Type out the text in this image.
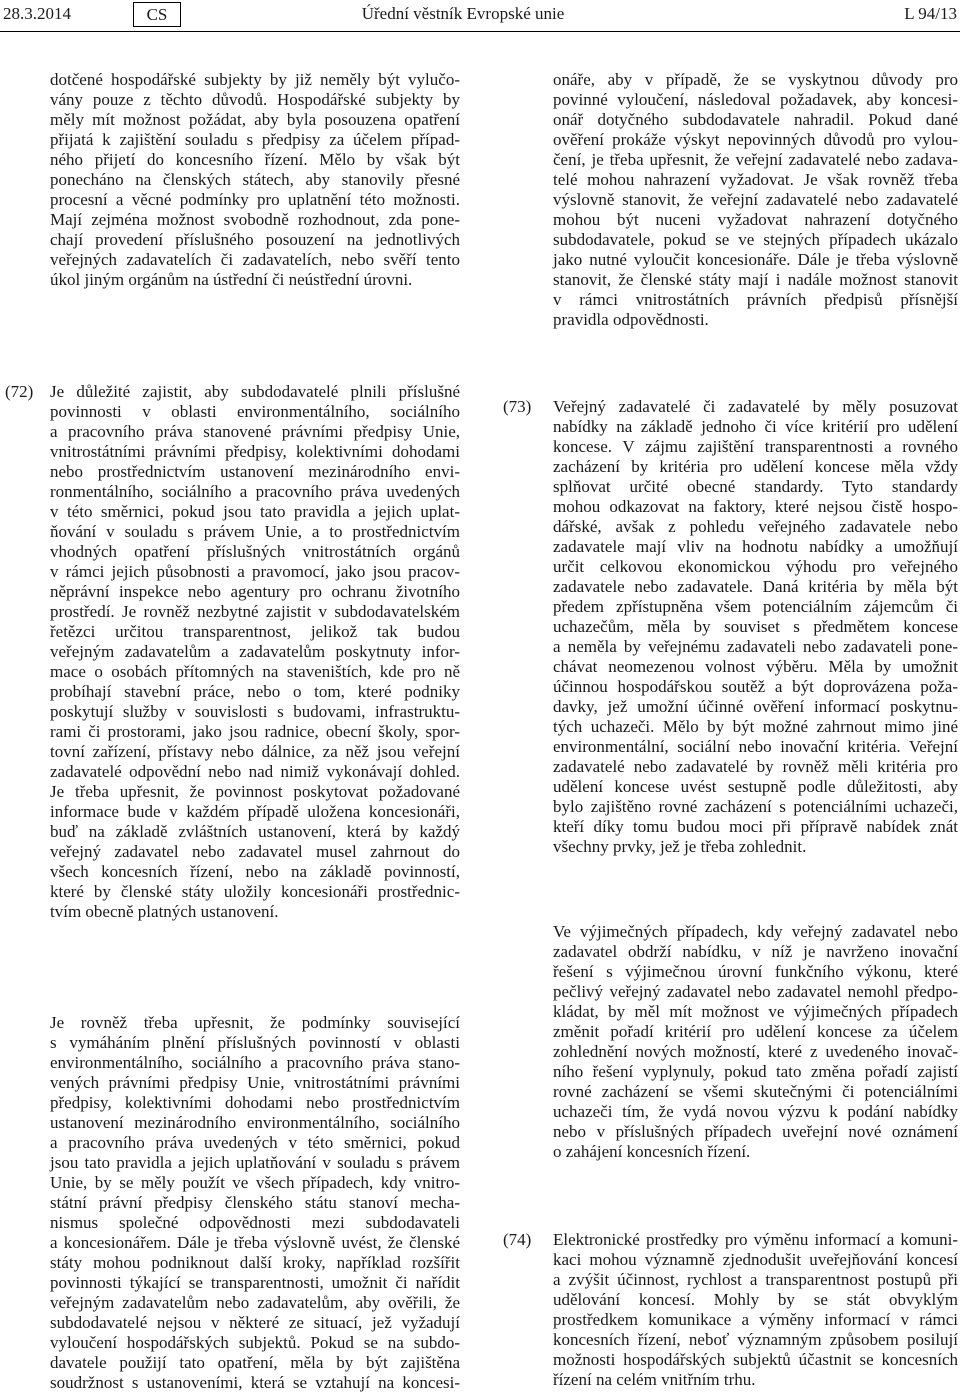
28.3.2014	CS	Úřední věstník Evropské unie	L 94/13
dotčené hospodářské subjekty by již neměly být vylučo-
vány pouze z těchto důvodů. Hospodářské subjekty by
měly mít možnost požádat, aby byla posouzena opatření
přijatá k zajištění souladu s předpisy za účelem případ-
ného přijetí do koncesního řízení. Mělo by však být
ponecháno na členských státech, aby stanovily přesné
procesní a věcné podmínky pro uplatnění této možnosti.
Mají zejména možnost svobodně rozhodnout, zda pone-
chají provedení příslušného posouzení na jednotlivých
veřejných zadavatelích či zadavatelích, nebo svěří tento
úkol jiným orgánům na ústřední či neústřední úrovni.
(72) Je důležité zajistit, aby subdodavatelé plnili příslušné
povinnosti v oblasti environmentálního, sociálního
a pracovního práva stanovené právními předpisy Unie,
vnitrostátními právními předpisy, kolektivními dohodami
nebo prostřednictvím ustanovení mezinárodního envi-
ronmentálního, sociálního a pracovního práva uvedených
v této směrnici, pokud jsou tato pravidla a jejich uplat-
ňování v souladu s právem Unie, a to prostřednictvím
vhodných opatření příslušných vnitrostátních orgánů
v rámci jejich působnosti a pravomocí, jako jsou pracov-
něprávní inspekce nebo agentury pro ochranu životního
prostředí. Je rovněž nezbytné zajistit v subdodavatelském
řetězci určitou transparentnost, jelikož tak budou
veřejným zadavatelům a zadavatelům poskytnuty infor-
mace o osobách přítomných na staveništích, kde pro ně
probíhají stavební práce, nebo o tom, které podniky
poskytují služby v souvislosti s budovami, infrastruktu-
rami či prostorami, jako jsou radnice, obecní školy, spor-
tovní zařízení, přístavy nebo dálnice, za něž jsou veřejní
zadavatelé odpovědní nebo nad nimiž vykonávají dohled.
Je třeba upřesnit, že povinnost poskytovat požadované
informace bude v každém případě uložena koncesionáři,
buď na základě zvláštních ustanovení, která by každý
veřejný zadavatel nebo zadavatel musel zahrnout do
všech koncesních řízení, nebo na základě povinností,
které by členské státy uložily koncesionáři prostřednic-
tvím obecně platných ustanovení.
Je rovněž třeba upřesnit, že podmínky související
s vymáháním plnění příslušných povinností v oblasti
environmentálního, sociálního a pracovního práva stano-
vených právními předpisy Unie, vnitrostátními právními
předpisy, kolektivními dohodami nebo prostřednictvím
ustanovení mezinárodního environmentálního, sociálního
a pracovního práva uvedených v této směrnici, pokud
jsou tato pravidla a jejich uplatňování v souladu s právem
Unie, by se měly použít ve všech případech, kdy vnitro-
státní právní předpisy členského státu stanoví mecha-
nismus společné odpovědnosti mezi subdodavateli
a koncesionářem. Dále je třeba výslovně uvést, že členské
státy mohou podniknout další kroky, například rozšířit
povinnosti týkající se transparentnosti, umožnit či nařídit
veřejným zadavatelům nebo zadavatelům, aby ověřili, že
subdodavatelé nejsou v některé ze situací, jež vyžadují
vyloučení hospodářských subjektů. Pokud se na subdo-
davatele použijí tato opatření, měla by být zajištěna
soudržnost s ustanoveními, která se vztahují na koncesi-
onáře, aby v případě, že se vyskytnou důvody pro
povinné vyloučení, následoval požadavek, aby koncesi-
onář dotyčného subdodavatele nahradil. Pokud dané
ověření prokáže výskyt nepovinných důvodů pro vylou-
čení, je třeba upřesnit, že veřejní zadavatelé nebo zadava-
telé mohou nahrazení vyžadovat. Je však rovněž třeba
výslovně stanovit, že veřejní zadavatelé nebo zadavatelé
mohou být nuceni vyžadovat nahrazení dotyčného
subdodavatele, pokud se ve stejných případech ukázalo
jako nutné vyloučit koncesionáře. Dále je třeba výslovně
stanovit, že členské státy mají i nadále možnost stanovit
v rámci vnitrostátních právních předpisů přísnější
pravidla odpovědnosti.
(73) Veřejný zadavatelé či zadavatelé by měly posuzovat
nabídky na základě jednoho či více kritérií pro udělení
koncese. V zájmu zajištění transparentnosti a rovného
zacházení by kritéria pro udělení koncese měla vždy
splňovat určité obecné standardy. Tyto standardy
mohou odkazovat na faktory, které nejsou čistě hospo-
dářské, avšak z pohledu veřejného zadavatele nebo
zadavatele mají vliv na hodnotu nabídky a umožňují
určit celkovou ekonomickou výhodu pro veřejného
zadavatele nebo zadavatele. Daná kritéria by měla být
předem zpřístupněna všem potenciálním zájemcům či
uchazečům, měla by souviset s předmětem koncese
a neměla by veřejnému zadavateli nebo zadavateli pone-
chávat neomezenou volnost výběru. Měla by umožnit
účinnou hospodářskou soutěž a být doprovázena poža-
davky, jež umožní účinné ověření informací poskytnu-
tých uchazeči. Mělo by být možné zahrnout mimo jiné
environmentální, sociální nebo inovační kritéria. Veřejní
zadavatelé nebo zadavatelé by rovněž měli kritéria pro
udělení koncese uvést sestupně podle důležitosti, aby
bylo zajištěno rovné zacházení s potenciálními uchazeči,
kteří díky tomu budou moci při přípravě nabídek znát
všechny prvky, jež je třeba zohlednit.
Ve výjimečných případech, kdy veřejný zadavatel nebo
zadavatel obdrží nabídku, v níž je navrženo inovační
řešení s výjimečnou úrovní funkčního výkonu, které
pečlivý veřejný zadavatel nebo zadavatel nemohl předpo-
kládat, by měl mít možnost ve výjimečných případech
změnit pořadí kritérií pro udělení koncese za účelem
zohlednění nových možností, které z uvedeného inovač-
ního řešení vyplynuly, pokud tato změna pořadí zajistí
rovné zacházení se všemi skutečnými či potenciálními
uchazeči tím, že vydá novou výzvu k podání nabídky
nebo v příslušných případech uveřejní nové oznámení
o zahájení koncesních řízení.
(74) Elektronické prostředky pro výměnu informací a komuni-
kaci mohou významně zjednodušit uveřejňování koncesí
a zvýšit účinnost, rychlost a transparentnost postupů při
udělování koncesí. Mohly by se stát obvyklým
prostředkem komunikace a výměny informací v rámci
koncesních řízení, neboť významným způsobem posilují
možnosti hospodářských subjektů účastnit se koncesních
řízení na celém vnitřním trhu.
